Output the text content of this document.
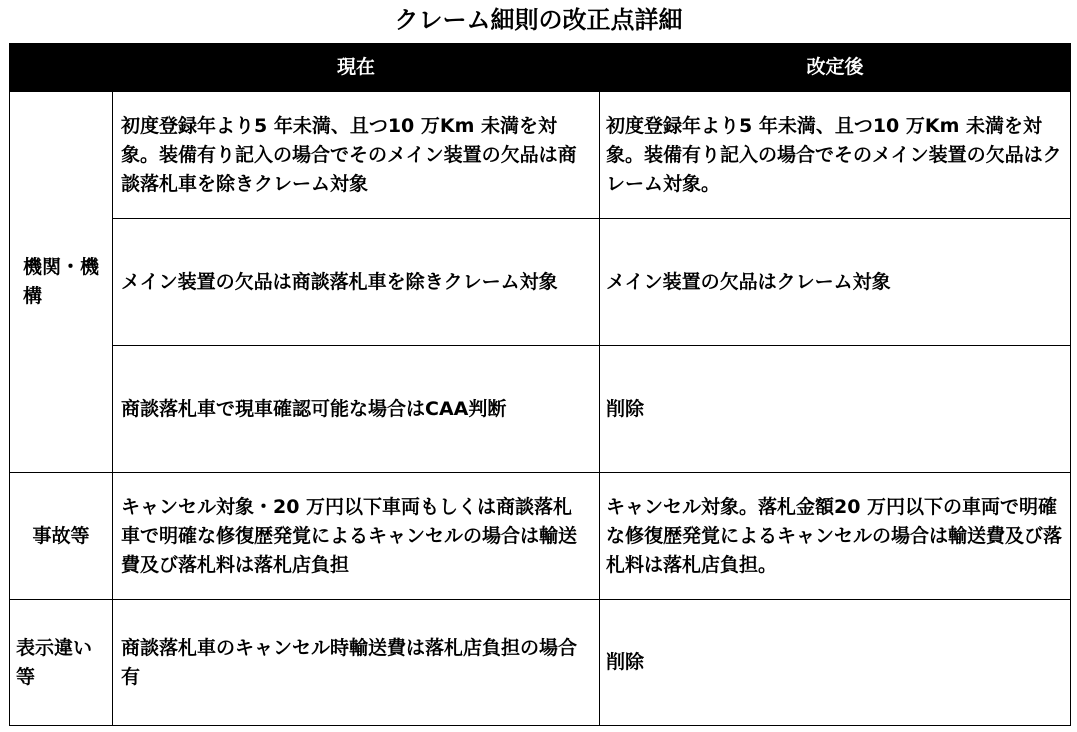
クレーム細則の改正点詳細
	現在	改定後
機関・機構	初度登録年より5 年未満、且つ10 万Km 未満を対象。装備有り記入の場合でそのメイン装置の欠品は商談落札車を除きクレーム対象	初度登録年より5 年未満、且つ10 万Km 未満を対象。装備有り記入の場合でそのメイン装置の欠品はクレーム対象。
	メイン装置の欠品は商談落札車を除きクレーム対象	メイン装置の欠品はクレーム対象
	商談落札車で現車確認可能な場合はCAA判断	削除
事故等	キャンセル対象・20 万円以下車両もしくは商談落札車で明確な修復歴発覚によるキャンセルの場合は輸送費及び落札料は落札店負担	キャンセル対象。落札金額20 万円以下の車両で明確な修復歴発覚によるキャンセルの場合は輸送費及び落札料は落札店負担。
表示違い等	商談落札車のキャンセル時輸送費は落札店負担の場合有	削除
